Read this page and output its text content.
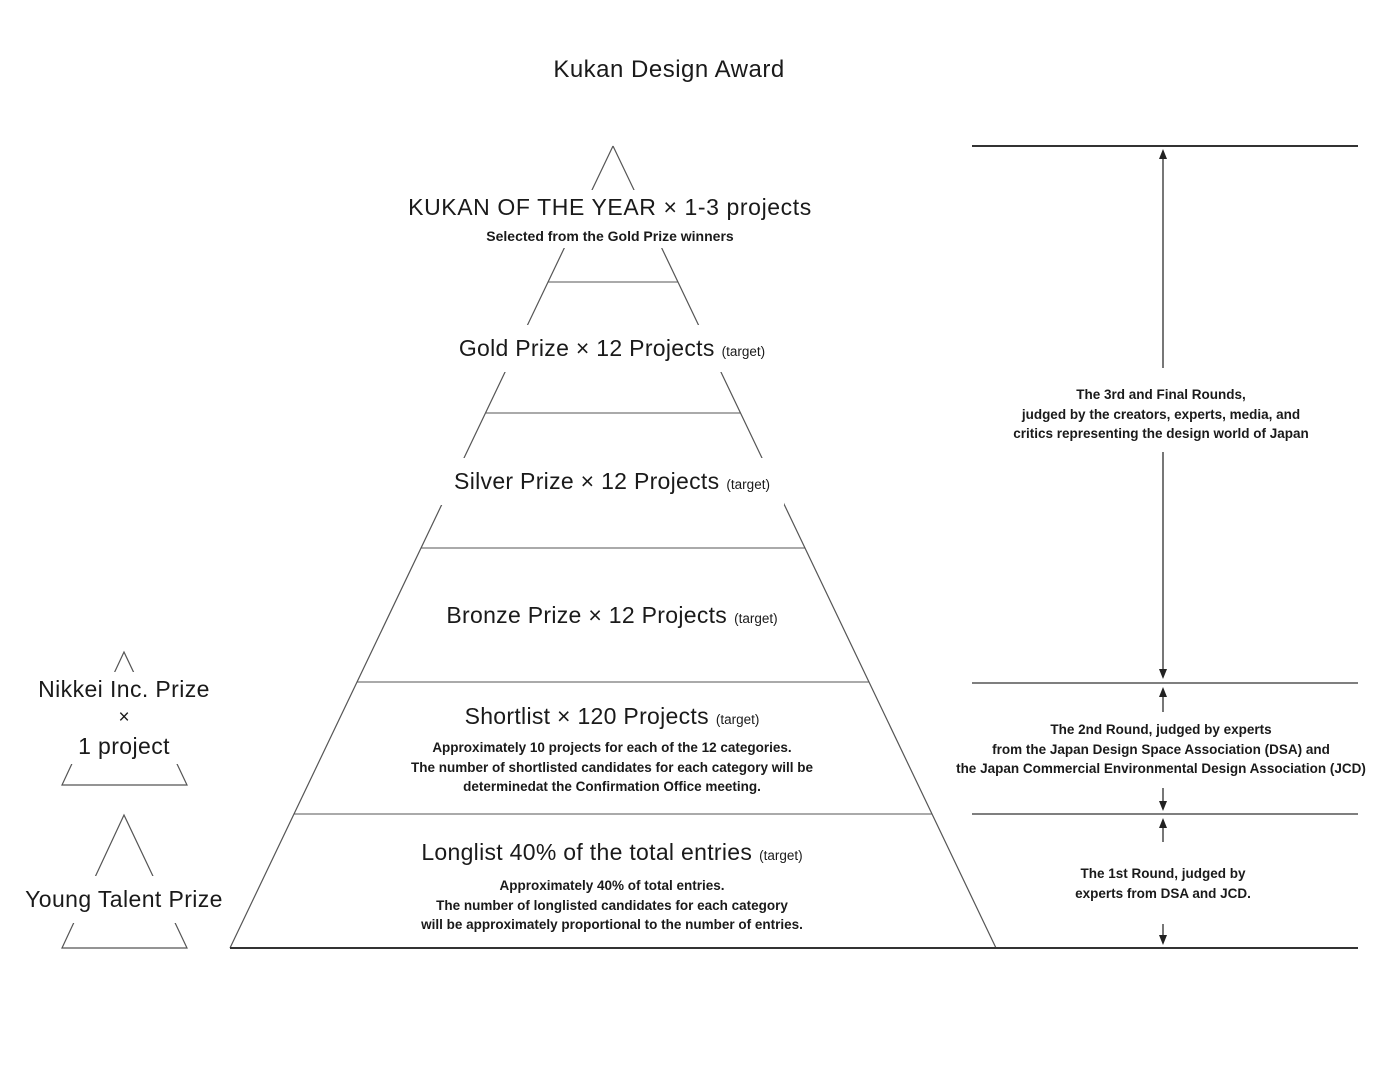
Kukan Design Award
KUKAN OF THE YEAR × 1-3 projects
Selected from the Gold Prize winners
Gold Prize × 12 Projects (target)
Silver Prize × 12 Projects (target)
Bronze Prize × 12 Projects (target)
Shortlist × 120 Projects (target)
Approximately 10 projects for each of the 12 categories.
The number of shortlisted candidates for each category will be
determinedat the Confirmation Office meeting.
Longlist 40% of the total entries (target)
Approximately 40% of total entries.
The number of longlisted candidates for each category
will be approximately proportional to the number of entries.
Nikkei Inc. Prize
×
1 project
Young Talent Prize
The 3rd and Final Rounds,
judged by the creators, experts, media, and
critics representing the design world of Japan
The 2nd Round, judged by experts
from the Japan Design Space Association (DSA) and
the Japan Commercial Environmental Design Association (JCD)
The 1st Round, judged by
experts from DSA and JCD.
